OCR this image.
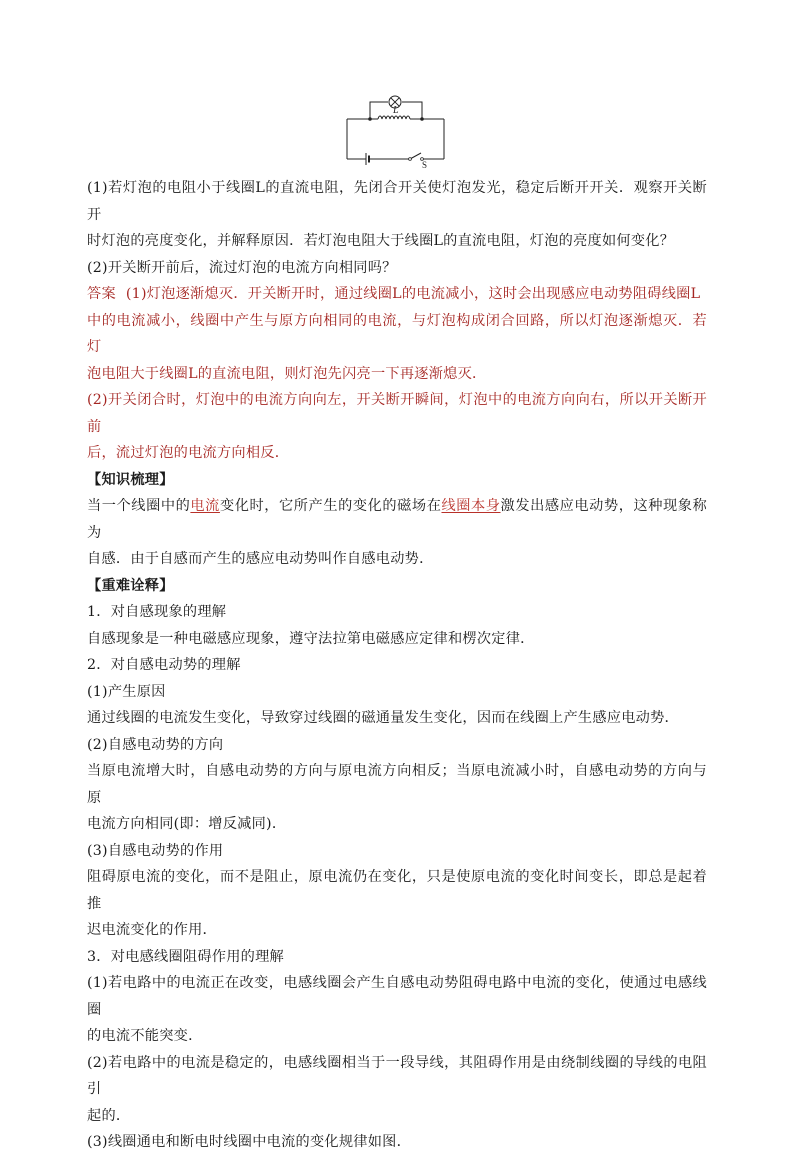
L
S

(1)若灯泡的电阻小于线圈L的直流电阻，先闭合开关使灯泡发光，稳定后断开开关．观察开关断开

时灯泡的亮度变化，并解释原因．若灯泡电阻大于线圈L的直流电阻，灯泡的亮度如何变化？

(2)开关断开前后，流过灯泡的电流方向相同吗？

答案 (1)灯泡逐渐熄灭．开关断开时，通过线圈L的电流减小，这时会出现感应电动势阻碍线圈L

中的电流减小，线圈中产生与原方向相同的电流，与灯泡构成闭合回路，所以灯泡逐渐熄灭．若灯

泡电阻大于线圈L的直流电阻，则灯泡先闪亮一下再逐渐熄灭．

(2)开关闭合时，灯泡中的电流方向向左，开关断开瞬间，灯泡中的电流方向向右，所以开关断开前

后，流过灯泡的电流方向相反．

【知识梳理】

当一个线圈中的电流变化时，它所产生的变化的磁场在线圈本身激发出感应电动势，这种现象称为

自感．由于自感而产生的感应电动势叫作自感电动势．

【重难诠释】

1．对自感现象的理解

自感现象是一种电磁感应现象，遵守法拉第电磁感应定律和楞次定律．

2．对自感电动势的理解

(1)产生原因

通过线圈的电流发生变化，导致穿过线圈的磁通量发生变化，因而在线圈上产生感应电动势．

(2)自感电动势的方向

当原电流增大时，自感电动势的方向与原电流方向相反；当原电流减小时，自感电动势的方向与原

电流方向相同(即：增反减同)．

(3)自感电动势的作用

阻碍原电流的变化，而不是阻止，原电流仍在变化，只是使原电流的变化时间变长，即总是起着推

迟电流变化的作用．

3．对电感线圈阻碍作用的理解

(1)若电路中的电流正在改变，电感线圈会产生自感电动势阻碍电路中电流的变化，使通过电感线圈

的电流不能突变．

(2)若电路中的电流是稳定的，电感线圈相当于一段导线，其阻碍作用是由绕制线圈的导线的电阻引

起的．

(3)线圈通电和断电时线圈中电流的变化规律如图．
